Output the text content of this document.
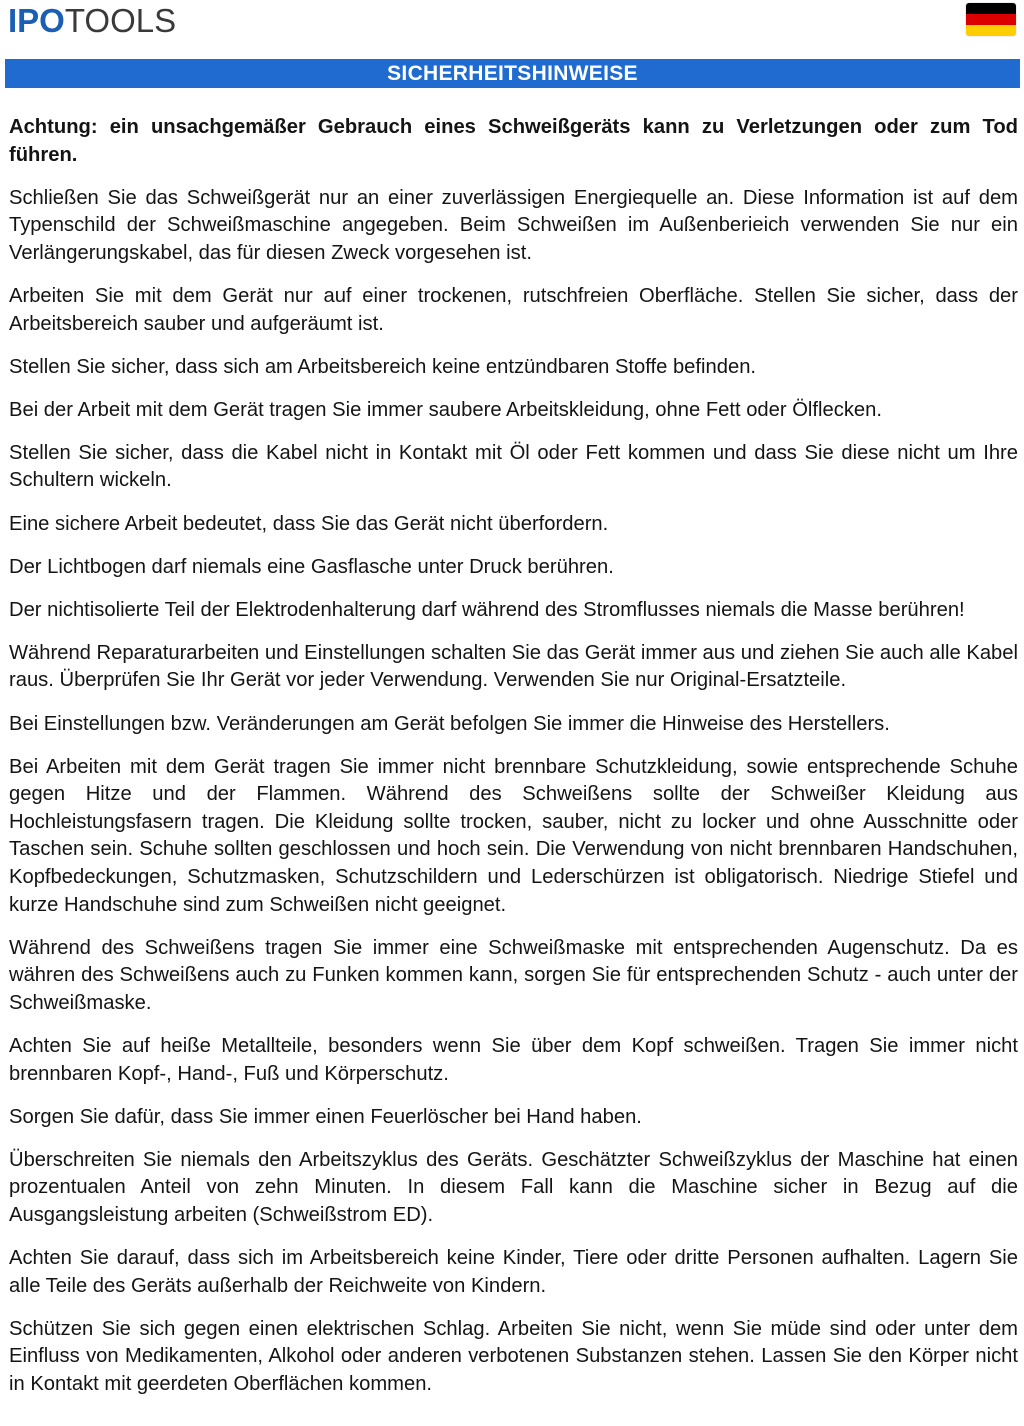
IPOTOOLS
SICHERHEITSHINWEISE

Achtung: ein unsachgemäßer Gebrauch eines Schweißgeräts kann zu Verletzungen oder zum Tod führen.

Schließen Sie das Schweißgerät nur an einer zuverlässigen Energiequelle an. Diese Information ist auf dem Typenschild der Schweißmaschine angegeben. Beim Schweißen im Außenberieich verwenden Sie nur ein Verlängerungskabel, das für diesen Zweck vorgesehen ist.

Arbeiten Sie mit dem Gerät nur auf einer trockenen, rutschfreien Oberfläche. Stellen Sie sicher, dass der Arbeitsbereich sauber und aufgeräumt ist.

Stellen Sie sicher, dass sich am Arbeitsbereich keine entzündbaren Stoffe befinden.

Bei der Arbeit mit dem Gerät tragen Sie immer saubere Arbeitskleidung, ohne Fett oder Ölflecken.

Stellen Sie sicher, dass die Kabel nicht in Kontakt mit Öl oder Fett kommen und dass Sie diese nicht um Ihre Schultern wickeln.

Eine sichere Arbeit bedeutet, dass Sie das Gerät nicht überfordern.

Der Lichtbogen darf niemals eine Gasflasche unter Druck berühren.

Der nichtisolierte Teil der Elektrodenhalterung darf während des Stromflusses niemals die Masse berühren!

Während Reparaturarbeiten und Einstellungen schalten Sie das Gerät immer aus und ziehen Sie auch alle Kabel raus. Überprüfen Sie Ihr Gerät vor jeder Verwendung. Verwenden Sie nur Original-Ersatzteile.

Bei Einstellungen bzw. Veränderungen am Gerät befolgen Sie immer die Hinweise des Herstellers.

Bei Arbeiten mit dem Gerät tragen Sie immer nicht brennbare Schutzkleidung, sowie entsprechende Schuhe gegen Hitze und der Flammen. Während des Schweißens sollte der Schweißer Kleidung aus Hochleistungsfasern tragen. Die Kleidung sollte trocken, sauber, nicht zu locker und ohne Ausschnitte oder Taschen sein. Schuhe sollten geschlossen und hoch sein. Die Verwendung von nicht brennbaren Handschuhen, Kopfbedeckungen, Schutzmasken, Schutzschildern und Lederschürzen ist obligatorisch. Niedrige Stiefel und kurze Handschuhe sind zum Schweißen nicht geeignet.

Während des Schweißens tragen Sie immer eine Schweißmaske mit entsprechenden Augenschutz. Da es währen des Schweißens auch zu Funken kommen kann, sorgen Sie für entsprechenden Schutz - auch unter der Schweißmaske.

Achten Sie auf heiße Metallteile, besonders wenn Sie über dem Kopf schweißen. Tragen Sie immer nicht brennbaren Kopf-, Hand-, Fuß und Körperschutz.

Sorgen Sie dafür, dass Sie immer einen Feuerlöscher bei Hand haben.

Überschreiten Sie niemals den Arbeitszyklus des Geräts. Geschätzter Schweißzyklus der Maschine hat einen prozentualen Anteil von zehn Minuten. In diesem Fall kann die Maschine sicher in Bezug auf die Ausgangsleistung arbeiten (Schweißstrom ED).

Achten Sie darauf, dass sich im Arbeitsbereich keine Kinder, Tiere oder dritte Personen aufhalten. Lagern Sie alle Teile des Geräts außerhalb der Reichweite von Kindern.

Schützen Sie sich gegen einen elektrischen Schlag. Arbeiten Sie nicht, wenn Sie müde sind oder unter dem Einfluss von Medikamenten, Alkohol oder anderen verbotenen Substanzen stehen. Lassen Sie den Körper nicht in Kontakt mit geerdeten Oberflächen kommen.
